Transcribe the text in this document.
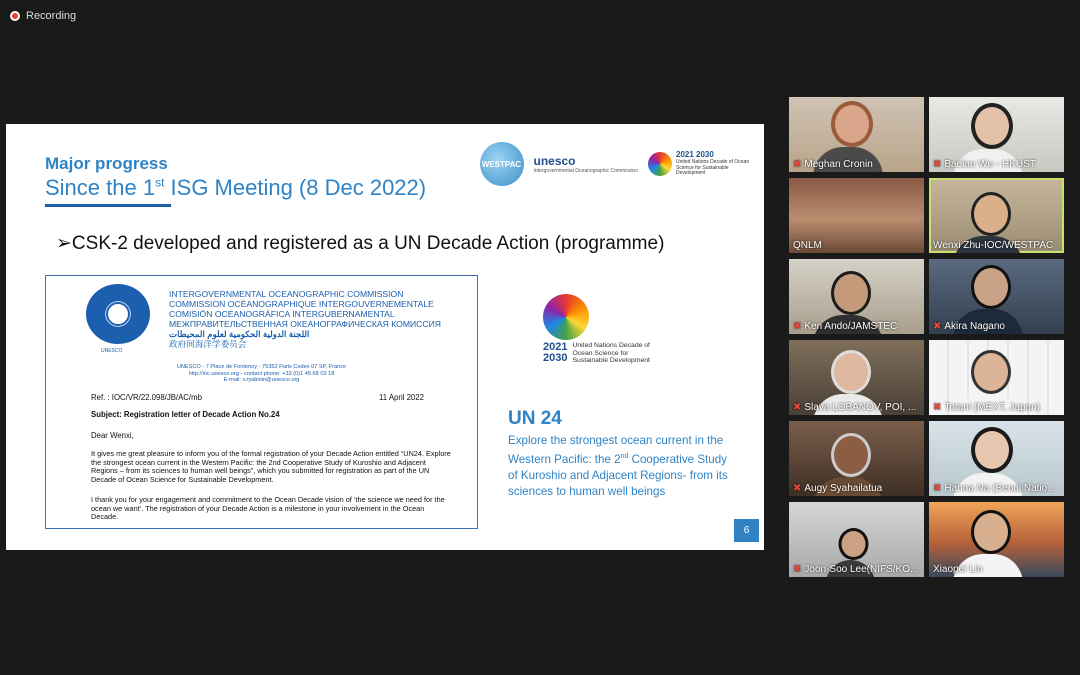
Recording
Major progress
Since the 1st ISG Meeting (8 Dec 2022)
WESTPAC unesco
Intergovernmental Oceanographic Commission
2021 2030
United Nations Decade of Ocean Science for Sustainable Development
➢CSK-2 developed and registered as a UN Decade Action (programme)
UNESCO
INTERGOVERNMENTAL OCEANOGRAPHIC COMMISSION
COMMISSION OCÉANOGRAPHIQUE INTERGOUVERNEMENTALE
COMISIÓN OCEANOGRÁFICA INTERGUBERNAMENTAL
МЕЖПРАВИТЕЛЬСТВЕННАЯ ОКЕАНОГРАФИЧЕСКАЯ КОМИССИЯ
اللجنة الدولية الحكومية لعلوم المحيطات
政府间海洋学委员会
UNESCO - 7 Place de Fontenoy - 75352 Paris Cedex 07 SP, France
http://ioc.unesco.org - contact phone: +33 (0)1 45 68 03 18
E-mail: v.ryabinin@unesco.org
Ref. : IOC/VR/22.098/JB/AC/mb	11 April 2022
Subject: Registration letter of Decade Action No.24
Dear Wenxi,
It gives me great pleasure to inform you of the formal registration of your Decade Action entitled “UN24. Explore the strongest ocean current in the Western Pacific: the 2nd Cooperative Study of Kuroshio and Adjacent Regions – from its sciences to human well beings”, which you submitted for registration as part of the UN Decade of Ocean Science for Sustainable Development.
I thank you for your engagement and commitment to the Ocean Decade vision of ‘the science we need for the ocean we want’. The registration of your Decade Action is a milestone in your involvement in the Ocean Decade.
2021
2030
United Nations Decade of Ocean Science for Sustainable Development
UN 24
Explore the strongest ocean current in the Western Pacific: the 2nd Cooperative Study of Kuroshio and Adjacent Regions- from its sciences to human well beings
6
✖ Meghan Cronin	✖ Baolan Wu - HKUST
QNLM	Wenxi Zhu-IOC/WESTPAC
✖ Ken Ando/JAMSTEC	✖ Akira Nagano
✖ Slava LOBANOV, POI, ... ✖ Totani (MEXT, Japan)
✖ Augy Syahailatua	✖ Hanna Na (Seoul Natio...
✖ Joon-Soo Lee(NIFS/KO... Xiaopei Lin
